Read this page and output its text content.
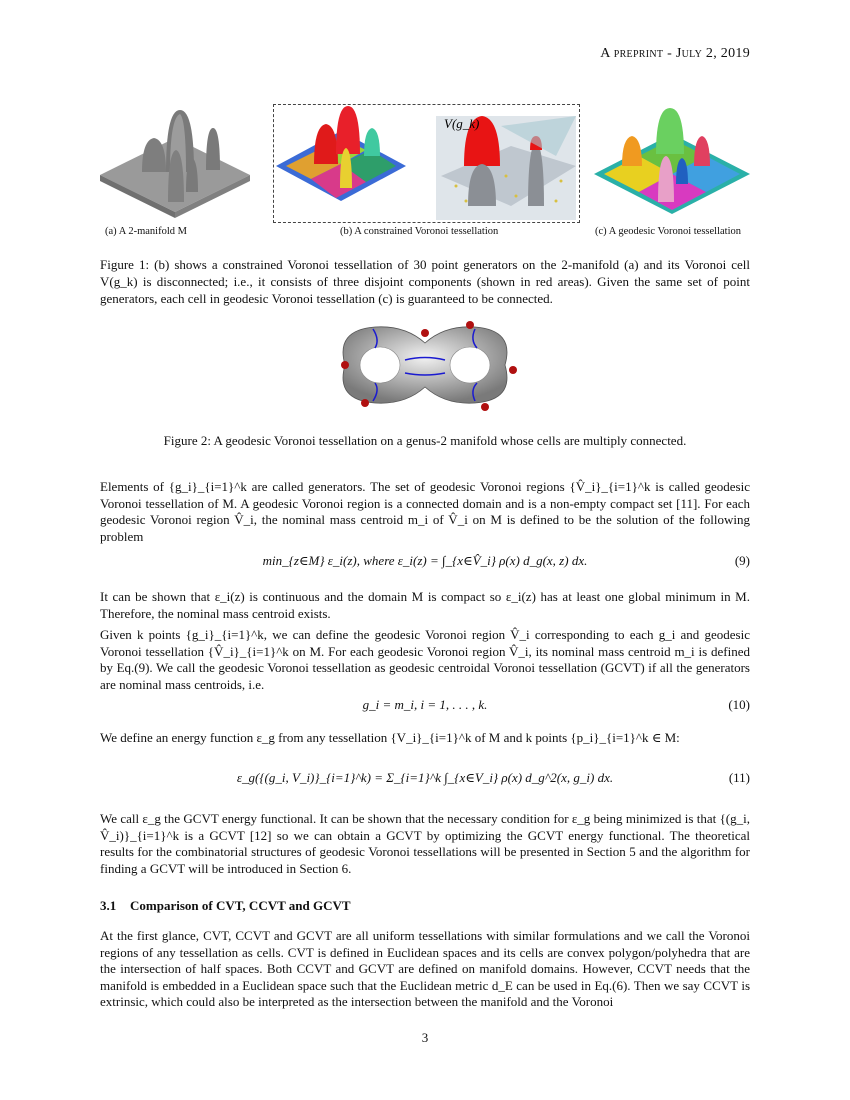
A preprint - July 2, 2019
(a) A 2-manifold M
V(g_k)
(b) A constrained Voronoi tessellation	(c) A geodesic Voronoi tessellation
Figure 1: (b) shows a constrained Voronoi tessellation of 30 point generators on the 2-manifold (a) and its Voronoi cell V(g_k) is disconnected; i.e., it consists of three disjoint components (shown in red areas). Given the same set of point generators, each cell in geodesic Voronoi tessellation (c) is guaranteed to be connected.
Figure 2: A geodesic Voronoi tessellation on a genus-2 manifold whose cells are multiply connected.

Elements of {g_i}_{i=1}^k are called generators. The set of geodesic Voronoi regions {V̂_i}_{i=1}^k is called geodesic Voronoi tessellation of M. A geodesic Voronoi region is a connected domain and is a non-empty compact set [11]. For each geodesic Voronoi region V̂_i, the nominal mass centroid m_i of V̂_i on M is defined to be the solution of the following problem

min_{z∈M} ε_i(z), where ε_i(z) = ∫_{x∈V̂_i} ρ(x) d_g(x, z) dx.	(9)

It can be shown that ε_i(z) is continuous and the domain M is compact so ε_i(z) has at least one global minimum in M. Therefore, the nominal mass centroid exists.

Given k points {g_i}_{i=1}^k, we can define the geodesic Voronoi region V̂_i corresponding to each g_i and geodesic Voronoi tessellation {V̂_i}_{i=1}^k on M. For each geodesic Voronoi region V̂_i, its nominal mass centroid m_i is defined by Eq.(9). We call the geodesic Voronoi tessellation as geodesic centroidal Voronoi tessellation (GCVT) if all the generators are nominal mass centroids, i.e.

g_i = m_i, i = 1, . . . , k.	(10)

We define an energy function ε_g from any tessellation {V_i}_{i=1}^k of M and k points {p_i}_{i=1}^k ∈ M:

ε_g({(g_i, V_i)}_{i=1}^k) = Σ_{i=1}^k ∫_{x∈V_i} ρ(x) d_g^2(x, g_i) dx.	(11)

We call ε_g the GCVT energy functional. It can be shown that the necessary condition for ε_g being minimized is that {(g_i, V̂_i)}_{i=1}^k is a GCVT [12] so we can obtain a GCVT by optimizing the GCVT energy functional. The theoretical results for the combinatorial structures of geodesic Voronoi tessellations will be presented in Section 5 and the algorithm for finding a GCVT will be introduced in Section 6.

3.1 Comparison of CVT, CCVT and GCVT

At the first glance, CVT, CCVT and GCVT are all uniform tessellations with similar formulations and we call the Voronoi regions of any tessellation as cells. CVT is defined in Euclidean spaces and its cells are convex polygon/polyhedra that are the intersection of half spaces. Both CCVT and GCVT are defined on manifold domains. However, CCVT needs that the manifold is embedded in a Euclidean space such that the Euclidean metric d_E can be used in Eq.(6). Then we say CCVT is extrinsic, which could also be interpreted as the intersection between the manifold and the Voronoi

3
